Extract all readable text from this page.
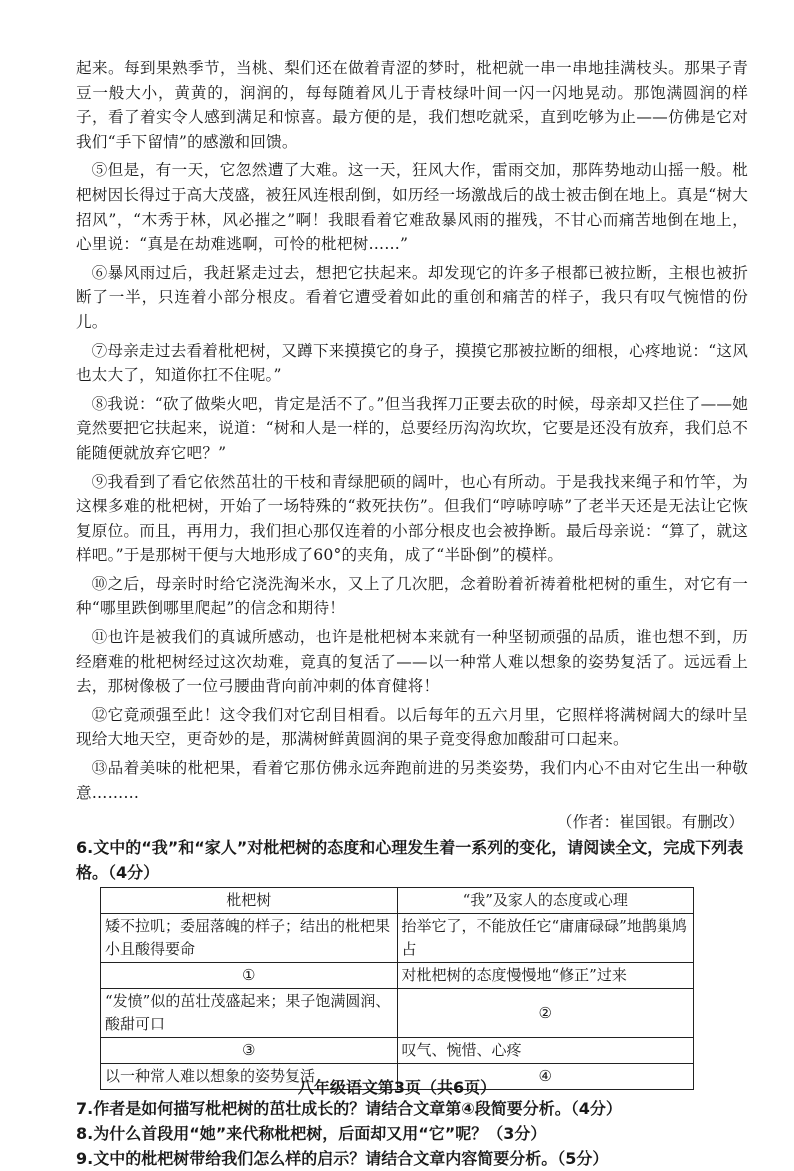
起来。每到果熟季节，当桃、梨们还在做着青涩的梦时，枇杷就一串一串地挂满枝头。那果子青豆一般大小，黄黄的，润润的，每每随着风儿于青枝绿叶间一闪一闪地晃动。那饱满圆润的样子，看了着实令人感到满足和惊喜。最方便的是，我们想吃就采，直到吃够为止——仿佛是它对我们“手下留情”的感激和回馈。

⑤但是，有一天，它忽然遭了大难。这一天，狂风大作，雷雨交加，那阵势地动山摇一般。枇杷树因长得过于高大茂盛，被狂风连根刮倒，如历经一场激战后的战士被击倒在地上。真是“树大招风”，“木秀于林，风必摧之”啊！我眼看着它难敌暴风雨的摧残，不甘心而痛苦地倒在地上，心里说：“真是在劫难逃啊，可怜的枇杷树……”

⑥暴风雨过后，我赶紧走过去，想把它扶起来。却发现它的许多子根都已被拉断，主根也被折断了一半，只连着小部分根皮。看着它遭受着如此的重创和痛苦的样子，我只有叹气惋惜的份儿。

⑦母亲走过去看着枇杷树，又蹲下来摸摸它的身子，摸摸它那被拉断的细根，心疼地说：“这风也太大了，知道你扛不住呢。”

⑧我说：“砍了做柴火吧，肯定是活不了。”但当我挥刀正要去砍的时候，母亲却又拦住了——她竟然要把它扶起来，说道：“树和人是一样的，总要经历沟沟坎坎，它要是还没有放弃，我们总不能随便就放弃它吧？”

⑨我看到了看它依然茁壮的干枝和青绿肥硕的阔叶，也心有所动。于是我找来绳子和竹竿，为这棵多难的枇杷树，开始了一场特殊的“救死扶伤”。但我们“哼哧哼哧”了老半天还是无法让它恢复原位。而且，再用力，我们担心那仅连着的小部分根皮也会被挣断。最后母亲说：“算了，就这样吧。”于是那树干便与大地形成了60°的夹角，成了“半卧倒”的模样。

⑩之后，母亲时时给它浇洗淘米水，又上了几次肥，念着盼着祈祷着枇杷树的重生，对它有一种“哪里跌倒哪里爬起”的信念和期待！

⑪也许是被我们的真诚所感动，也许是枇杷树本来就有一种坚韧顽强的品质，谁也想不到，历经磨难的枇杷树经过这次劫难，竟真的复活了——以一种常人难以想象的姿势复活了。远远看上去，那树像极了一位弓腰曲背向前冲刺的体育健将！

⑫它竟顽强至此！这令我们对它刮目相看。以后每年的五六月里，它照样将满树阔大的绿叶呈现给大地天空，更奇妙的是，那满树鲜黄圆润的果子竟变得愈加酸甜可口起来。

⑬品着美味的枇杷果，看着它那仿佛永远奔跑前进的另类姿势，我们内心不由对它生出一种敬意………

（作者：崔国银。有删改）

6.文中的“我”和“家人”对枇杷树的态度和心理发生着一系列的变化，请阅读全文，完成下列表格。（4分）

枇杷树	“我”及家人的态度或心理
矮不拉叽；委屈落魄的样子；结出的枇杷果小且酸得要命	抬举它了，不能放任它“庸庸碌碌”地鹊巢鸠占
①	对枇杷树的态度慢慢地“修正”过来
“发愤”似的茁壮茂盛起来；果子饱满圆润、酸甜可口	②
③	叹气、惋惜、心疼
以一种常人难以想象的姿势复活	④

7.作者是如何描写枇杷树的茁壮成长的？请结合文章第④段简要分析。（4分）

8.为什么首段用“她”来代称枇杷树，后面却又用“它”呢？（3分）

9.文中的枇杷树带给我们怎么样的启示？请结合文章内容简要分析。（5分）

八年级语文第3页（共6页）
